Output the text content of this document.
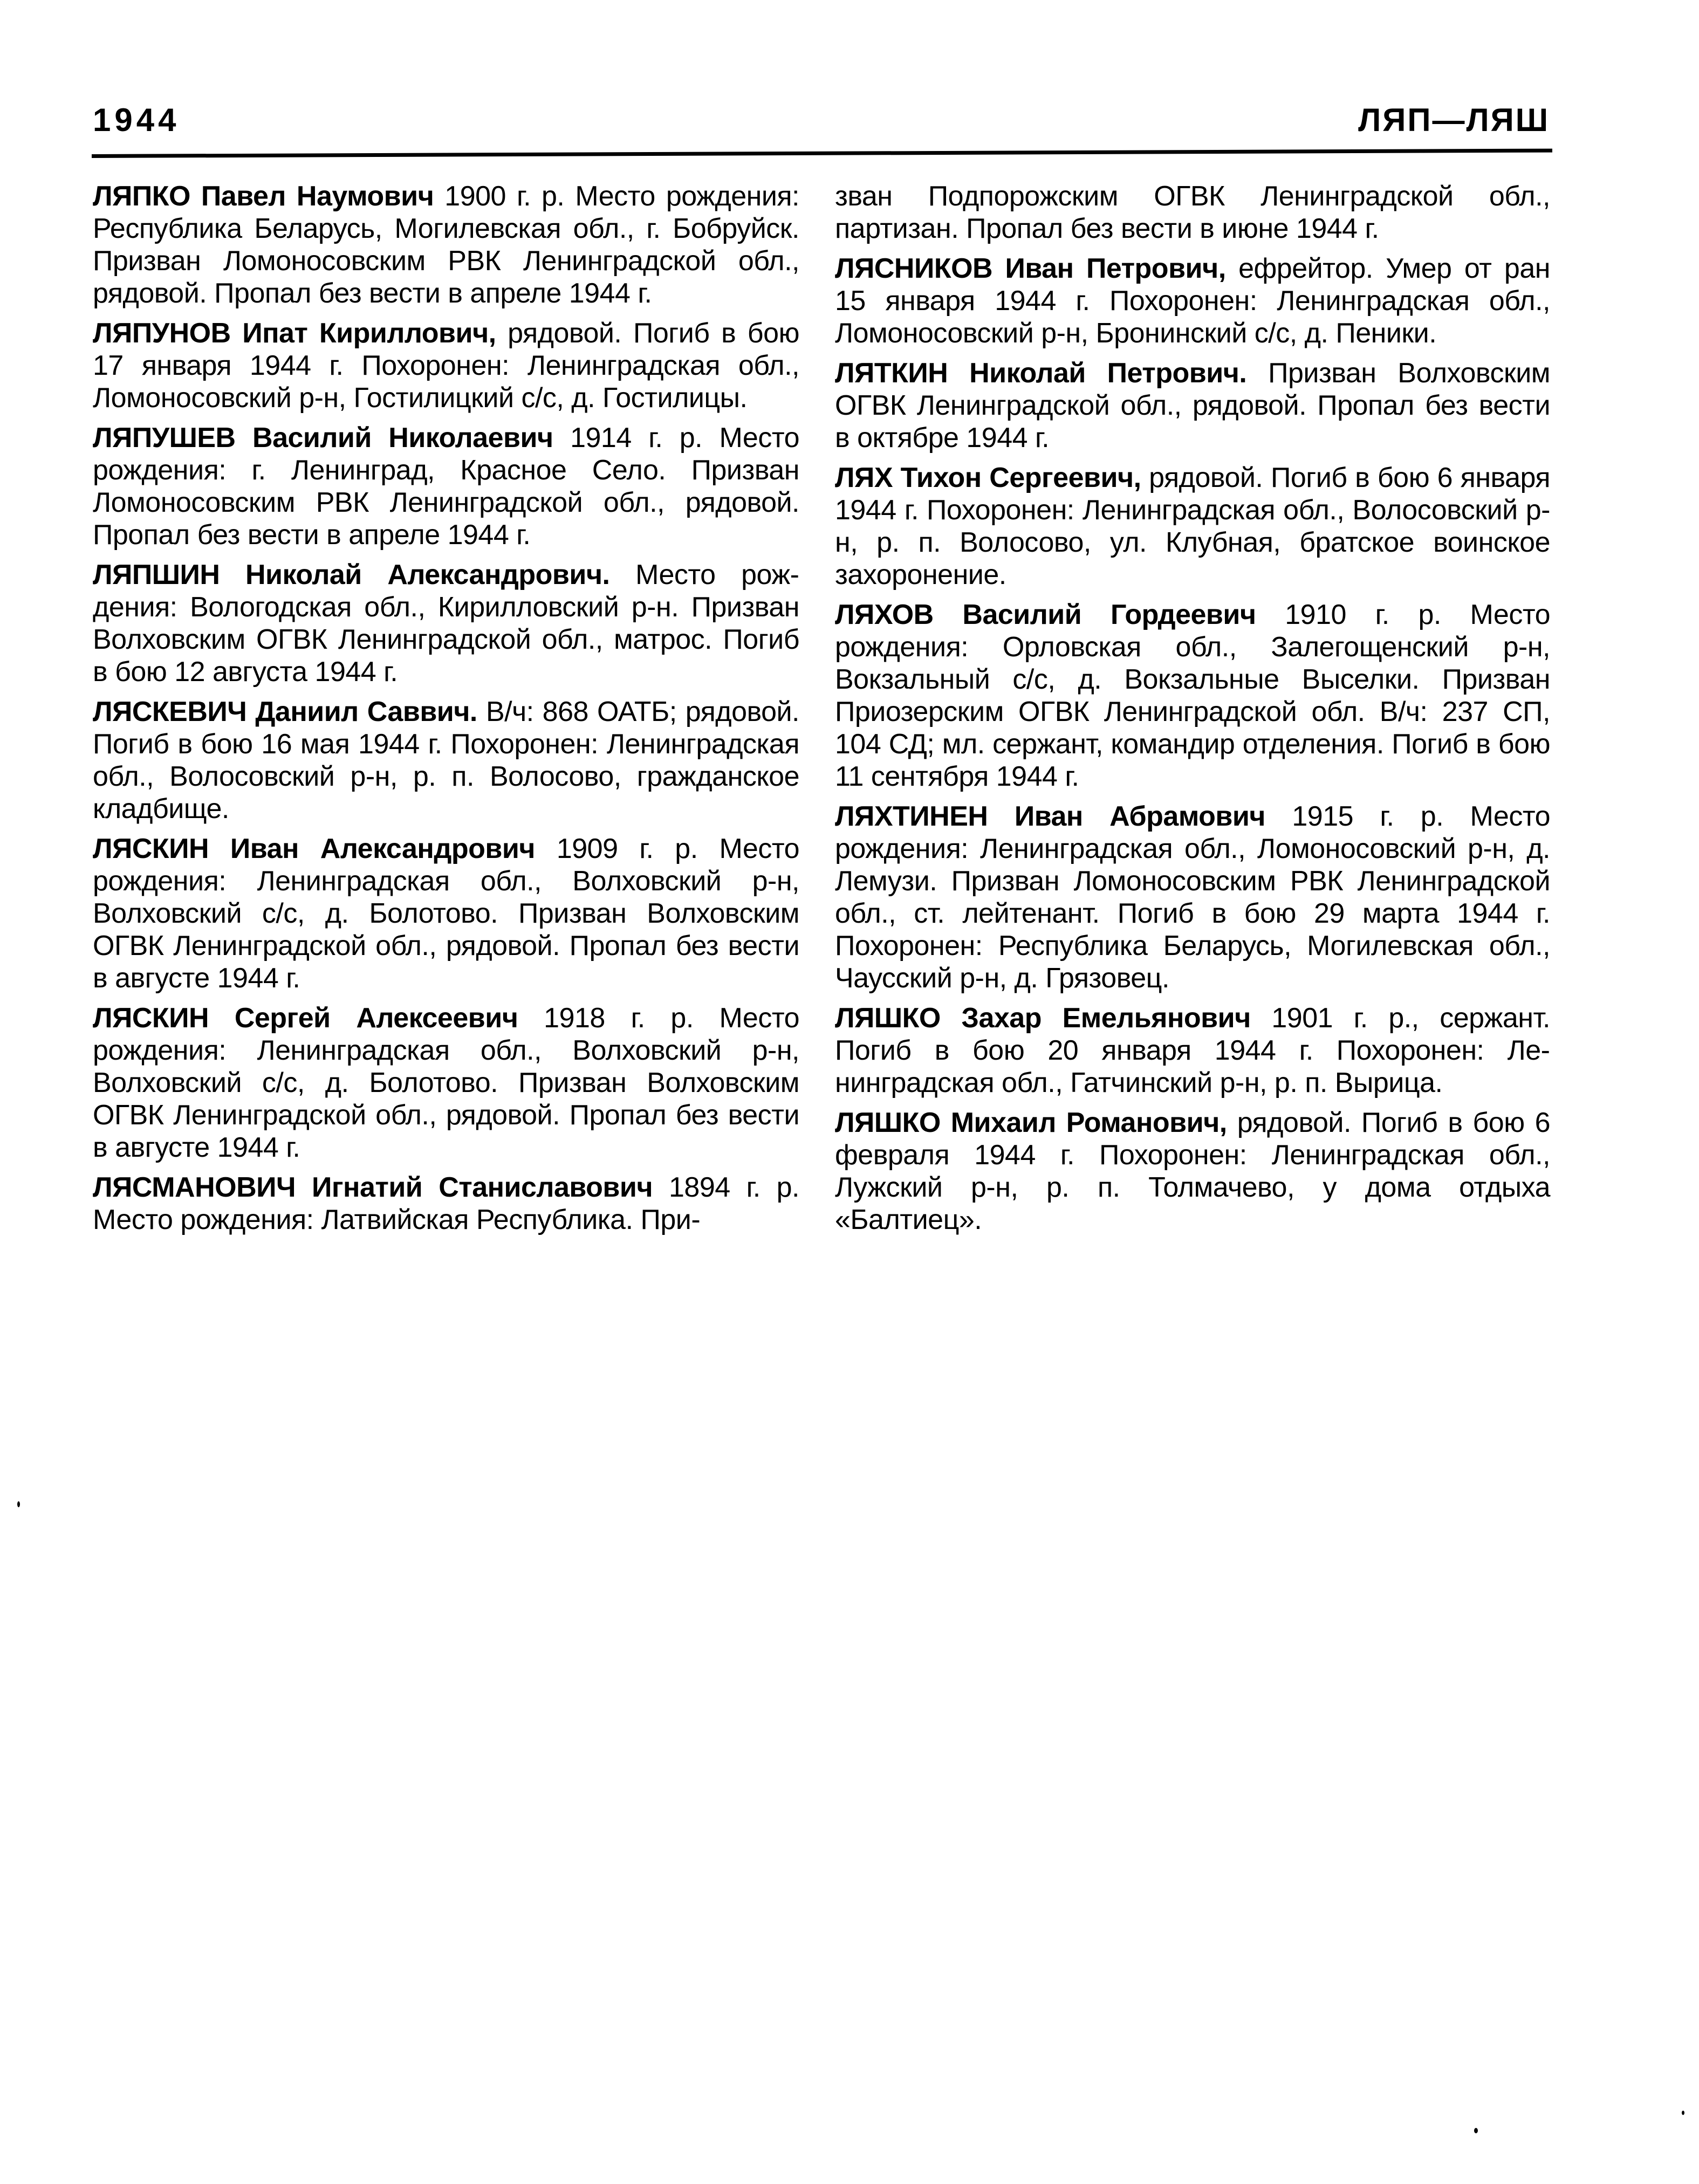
1944	ЛЯП—ЛЯШ

ЛЯПКО Павел Наумович 1900 г. р. Место рождения: Республика Беларусь, Могилевская обл., г. Бобруйск. Призван Ломоносовским РВК Ленинградской обл., рядовой. Пропал без вести в апреле 1944 г.

ЛЯПУНОВ Ипат Кириллович, рядовой. Погиб в бою 17 января 1944 г. Похоронен: Ленинградская обл., Ломоносовский р-н, Гостилицкий с/с, д. Гостилицы.

ЛЯПУШЕВ Василий Николаевич 1914 г. р. Место рождения: г. Ленинград, Красное Село. Призван Ломоносовским РВК Ленинградской обл., рядовой. Пропал без вести в апреле 1944 г.

ЛЯПШИН Николай Александрович. Место рождения: Вологодская обл., Кирилловский р-н. Призван Волховским ОГВК Ленинградской обл., матрос. Погиб в бою 12 августа 1944 г.

ЛЯСКЕВИЧ Даниил Саввич. В/ч: 868 ОАТБ; рядовой. Погиб в бою 16 мая 1944 г. Похоронен: Ленинградская обл., Волосовский р-н, р. п. Волосово, гражданское кладбище.

ЛЯСКИН Иван Александрович 1909 г. р. Место рождения: Ленинградская обл., Волховский р-н, Волховский с/с, д. Болотово. Призван Волховским ОГВК Ленинградской обл., рядовой. Пропал без вести в августе 1944 г.

ЛЯСКИН Сергей Алексеевич 1918 г. р. Место рождения: Ленинградская обл., Волховский р-н, Волховский с/с, д. Болотово. Призван Волховским ОГВК Ленинградской обл., рядовой. Пропал без вести в августе 1944 г.

ЛЯСМАНОВИЧ Игнатий Станиславович 1894 г. р. Место рождения: Латвийская Республика. При-

зван Подпорожским ОГВК Ленинградской обл., партизан. Пропал без вести в июне 1944 г.

ЛЯСНИКОВ Иван Петрович, ефрейтор. Умер от ран 15 января 1944 г. Похоронен: Ленинградская обл., Ломоносовский р-н, Бронинский с/с, д. Пеники.

ЛЯТКИН Николай Петрович. Призван Волховским ОГВК Ленинградской обл., рядовой. Пропал без вести в октябре 1944 г.

ЛЯХ Тихон Сергеевич, рядовой. Погиб в бою 6 января 1944 г. Похоронен: Ленинградская обл., Волосовский р-н, р. п. Волосово, ул. Клубная, братское воинское захоронение.

ЛЯХОВ Василий Гордеевич 1910 г. р. Место рождения: Орловская обл., Залегощенский р-н, Вокзальный с/с, д. Вокзальные Выселки. Призван Приозерским ОГВК Ленинградской обл. В/ч: 237 СП, 104 СД; мл. сержант, командир отделения. Погиб в бою 11 сентября 1944 г.

ЛЯХТИНЕН Иван Абрамович 1915 г. р. Место рождения: Ленинградская обл., Ломоносовский р-н, д. Лемузи. Призван Ломоносовским РВК Ленинградской обл., ст. лейтенант. Погиб в бою 29 марта 1944 г. Похоронен: Республика Беларусь, Могилевская обл., Чаусский р-н, д. Грязовец.

ЛЯШКО Захар Емельянович 1901 г. р., сержант. Погиб в бою 20 января 1944 г. Похоронен: Ленинградская обл., Гатчинский р-н, р. п. Вырица.

ЛЯШКО Михаил Романович, рядовой. Погиб в бою 6 февраля 1944 г. Похоронен: Ленинградская обл., Лужский р-н, р. п. Толмачево, у дома отдыха «Балтиец».
